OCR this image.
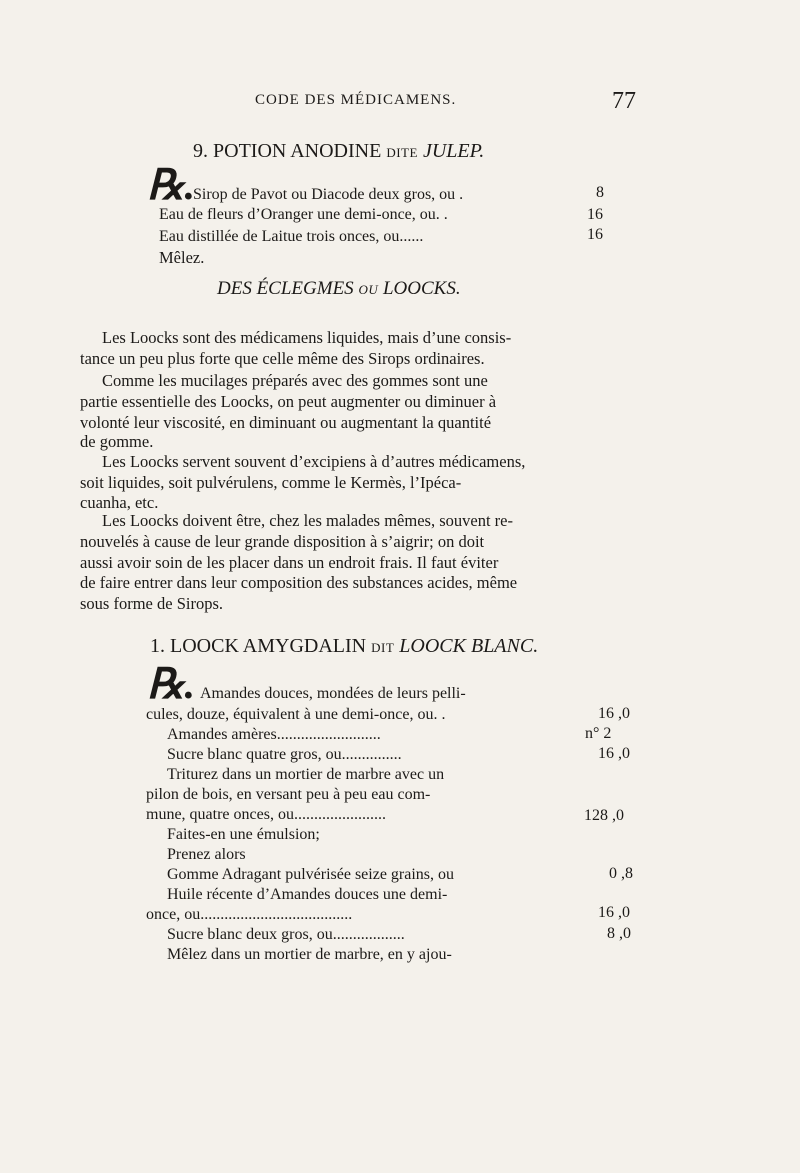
CODE DES MÉDICAMENS.	77
9. POTION ANODINE DITE JULEP.
℞.
Sirop de Pavot ou Diacode deux gros, ou .	8
Eau de fleurs d’Oranger une demi-once, ou. .	16
Eau distillée de Laitue trois onces, ou......	16
Mêlez.
DES ÉCLEGMES OU LOOCKS.
Les Loocks sont des médicamens liquides, mais d’une consis-
tance un peu plus forte que celle même des Sirops ordinaires.
Comme les mucilages préparés avec des gommes sont une
partie essentielle des Loocks, on peut augmenter ou diminuer à
volonté leur viscosité, en diminuant ou augmentant la quantité
de gomme.
Les Loocks servent souvent d’excipiens à d’autres médicamens,
soit liquides, soit pulvérulens, comme le Kermès, l’Ipéca-
cuanha, etc.
Les Loocks doivent être, chez les malades mêmes, souvent re-
nouvelés à cause de leur grande disposition à s’aigrir; on doit
aussi avoir soin de les placer dans un endroit frais. Il faut éviter
de faire entrer dans leur composition des substances acides, même
sous forme de Sirops.
1. LOOCK AMYGDALIN DIT LOOCK BLANC.
℞. Amandes douces, mondées de leurs pelli-
cules, douze, équivalent à une demi-once, ou. .	16 ,0
Amandes amères..........................	n° 2
Sucre blanc quatre gros, ou...............	16 ,0
Triturez dans un mortier de marbre avec un
pilon de bois, en versant peu à peu eau com-
mune, quatre onces, ou.......................	128 ,0
Faites-en une émulsion;
Prenez alors
Gomme Adragant pulvérisée seize grains, ou	0 ,8
Huile récente d’Amandes douces une demi-
once, ou......................................	16 ,0
Sucre blanc deux gros, ou..................	8 ,0
Mêlez dans un mortier de marbre, en y ajou-
